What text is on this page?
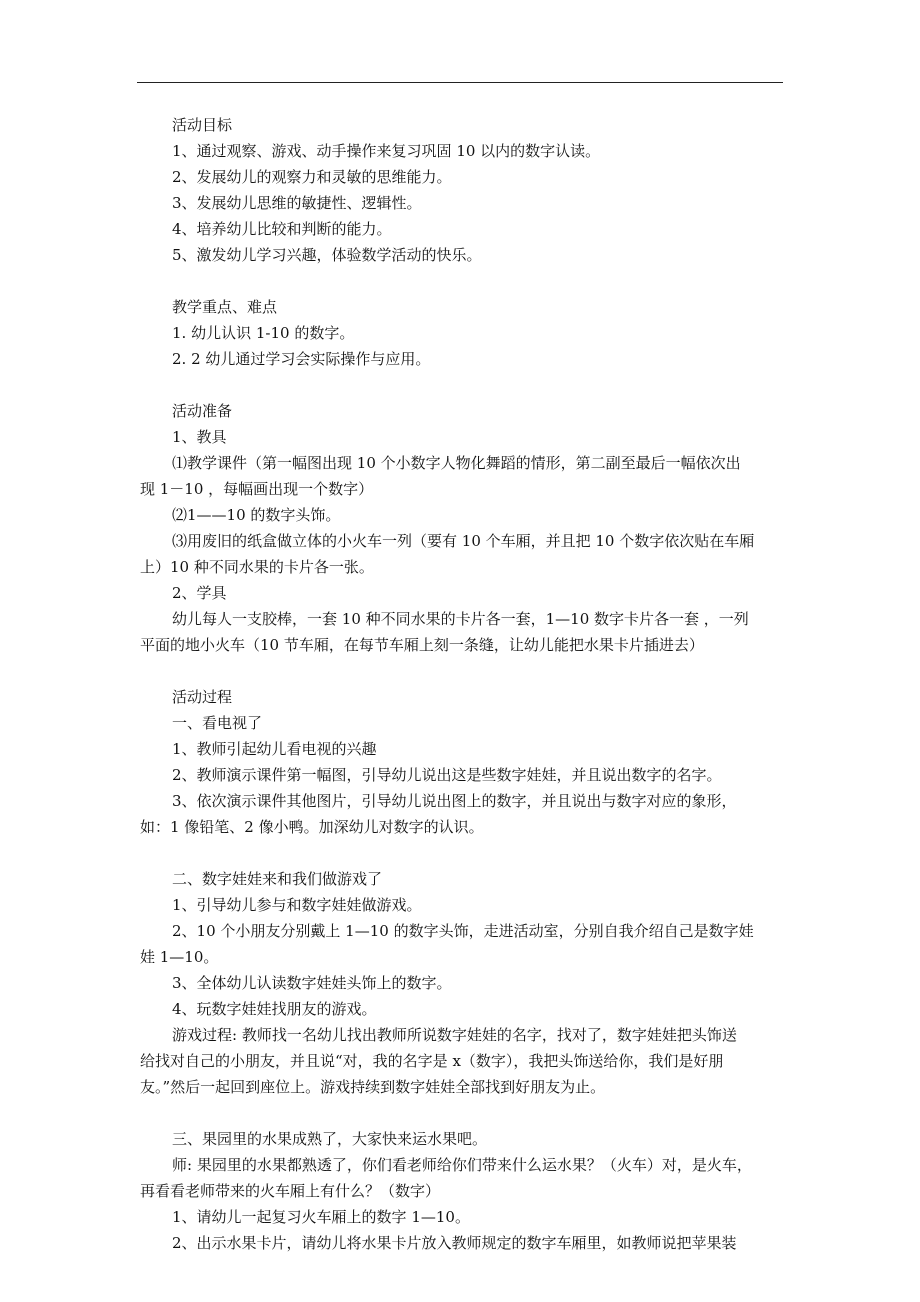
活动目标
1、通过观察、游戏、动手操作来复习巩固 10 以内的数字认读。
2、发展幼儿的观察力和灵敏的思维能力。
3、发展幼儿思维的敏捷性、逻辑性。
4、培养幼儿比较和判断的能力。
5、激发幼儿学习兴趣，体验数学活动的快乐。
教学重点、难点
1. 幼儿认识 1-10 的数字。
2. 2 幼儿通过学习会实际操作与应用。
活动准备
1、教具
⑴教学课件（第一幅图出现 10 个小数字人物化舞蹈的情形，第二副至最后一幅依次出
现 1－10 ，每幅画出现一个数字）
⑵1——10 的数字头饰。
⑶用废旧的纸盒做立体的小火车一列（要有 10 个车厢，并且把 10 个数字依次贴在车厢
上）10 种不同水果的卡片各一张。
2、学具
幼儿每人一支胶棒，一套 10 种不同水果的卡片各一套，1—10 数字卡片各一套 ，一列
平面的地小火车（10 节车厢，在每节车厢上刻一条缝，让幼儿能把水果卡片插进去）
活动过程
一、看电视了
1、教师引起幼儿看电视的兴趣
2、教师演示课件第一幅图，引导幼儿说出这是些数字娃娃，并且说出数字的名字。
3、依次演示课件其他图片，引导幼儿说出图上的数字，并且说出与数字对应的象形，
如：1 像铅笔、2 像小鸭。加深幼儿对数字的认识。
二、数字娃娃来和我们做游戏了
1、引导幼儿参与和数字娃娃做游戏。
2、10 个小朋友分别戴上 1—10 的数字头饰，走进活动室，分别自我介绍自己是数字娃
娃 1—10。
3、全体幼儿认读数字娃娃头饰上的数字。
4、玩数字娃娃找朋友的游戏。
游戏过程: 教师找一名幼儿找出教师所说数字娃娃的名字，找对了，数字娃娃把头饰送
给找对自己的小朋友，并且说“对，我的名字是 x（数字），我把头饰送给你，我们是好朋
友。”然后一起回到座位上。游戏持续到数字娃娃全部找到好朋友为止。
三、果园里的水果成熟了，大家快来运水果吧。
师: 果园里的水果都熟透了，你们看老师给你们带来什么运水果？（火车）对，是火车，
再看看老师带来的火车厢上有什么？（数字）
1、请幼儿一起复习火车厢上的数字 1—10。
2、出示水果卡片，请幼儿将水果卡片放入教师规定的数字车厢里，如教师说把苹果装
